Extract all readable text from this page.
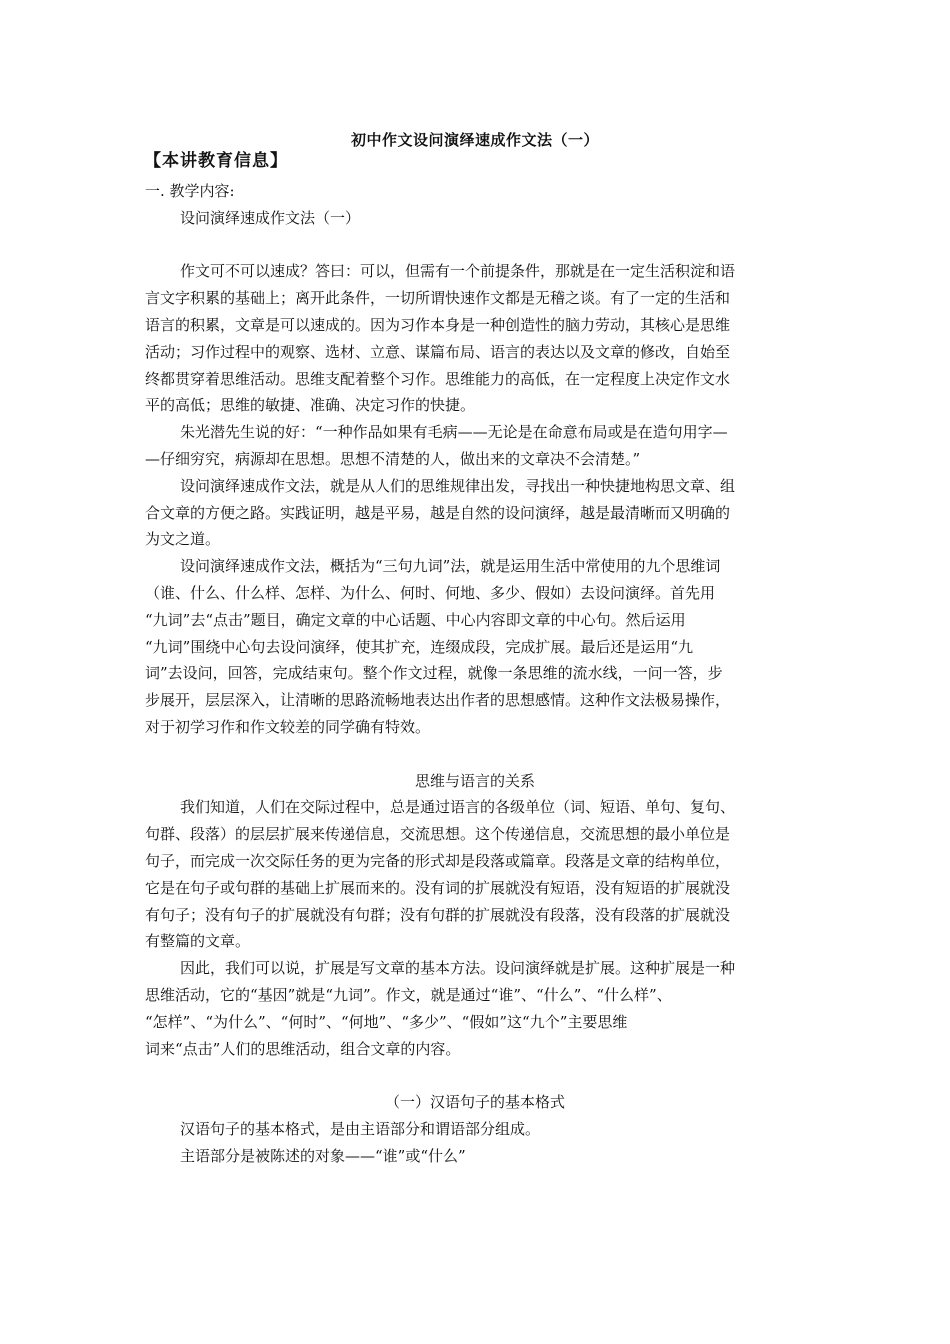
初中作文设问演绎速成作文法（一）
【本讲教育信息】
一. 教学内容:
设问演绎速成作文法（一）
作文可不可以速成？答曰：可以，但需有一个前提条件，那就是在一定生活积淀和语
言文字积累的基础上；离开此条件，一切所谓快速作文都是无稽之谈。有了一定的生活和
语言的积累，文章是可以速成的。因为习作本身是一种创造性的脑力劳动，其核心是思维
活动；习作过程中的观察、选材、立意、谋篇布局、语言的表达以及文章的修改，自始至
终都贯穿着思维活动。思维支配着整个习作。思维能力的高低，在一定程度上决定作文水
平的高低；思维的敏捷、准确、决定习作的快捷。
朱光潜先生说的好：“一种作品如果有毛病——无论是在命意布局或是在造句用字—
—仔细穷究，病源却在思想。思想不清楚的人，做出来的文章决不会清楚。”
设问演绎速成作文法，就是从人们的思维规律出发，寻找出一种快捷地构思文章、组
合文章的方便之路。实践证明，越是平易，越是自然的设问演绎，越是最清晰而又明确的
为文之道。
设问演绎速成作文法，概括为“三句九词”法，就是运用生活中常使用的九个思维词
（谁、什么、什么样、怎样、为什么、何时、何地、多少、假如）去设问演绎。首先用
“九词”去“点击”题目，确定文章的中心话题、中心内容即文章的中心句。然后运用
“九词”围绕中心句去设问演绎，使其扩充，连缀成段，完成扩展。最后还是运用“九
词”去设问，回答，完成结束句。整个作文过程，就像一条思维的流水线，一问一答，步
步展开，层层深入，让清晰的思路流畅地表达出作者的思想感情。这种作文法极易操作，
对于初学习作和作文较差的同学确有特效。
思维与语言的关系
我们知道，人们在交际过程中，总是通过语言的各级单位（词、短语、单句、复句、
句群、段落）的层层扩展来传递信息，交流思想。这个传递信息，交流思想的最小单位是
句子，而完成一次交际任务的更为完备的形式却是段落或篇章。段落是文章的结构单位，
它是在句子或句群的基础上扩展而来的。没有词的扩展就没有短语，没有短语的扩展就没
有句子；没有句子的扩展就没有句群；没有句群的扩展就没有段落，没有段落的扩展就没
有整篇的文章。
因此，我们可以说，扩展是写文章的基本方法。设问演绎就是扩展。这种扩展是一种
思维活动，它的“基因”就是“九词”。作文，就是通过“谁”、“什么”、“什么样”、
“怎样”、“为什么”、“何时”、“何地”、“多少”、“假如”这“九个”主要思维
词来“点击”人们的思维活动，组合文章的内容。
（一）汉语句子的基本格式
汉语句子的基本格式，是由主语部分和谓语部分组成。
主语部分是被陈述的对象——“谁”或“什么”
